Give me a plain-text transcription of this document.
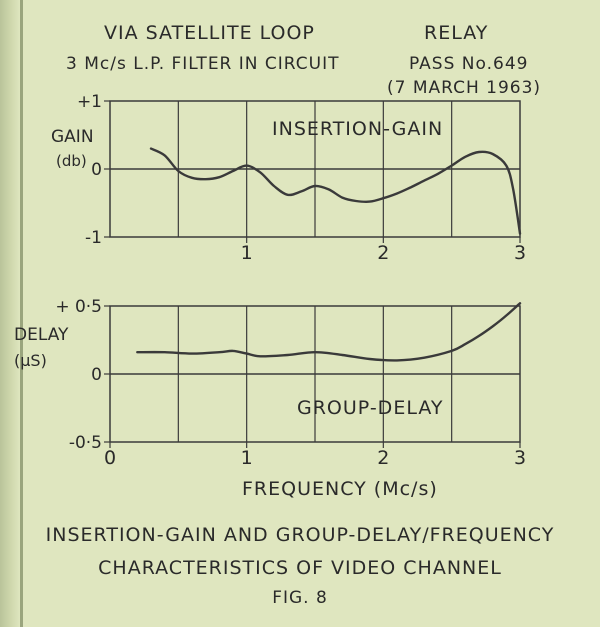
VIA SATELLITE LOOP
3 Mc/s L.P. FILTER IN CIRCUIT
RELAY
PASS No.649
(7 MARCH 1963)
+1
0
-1
1	2	3
INSERTION-GAIN
GAIN
(db)
+ 0·5
0
-0·5
0	1	2	3
GROUP-DELAY
DELAY
(µS)
FREQUENCY (Mc/s)
INSERTION-GAIN AND GROUP-DELAY/FREQUENCY
CHARACTERISTICS OF VIDEO CHANNEL
FIG. 8
